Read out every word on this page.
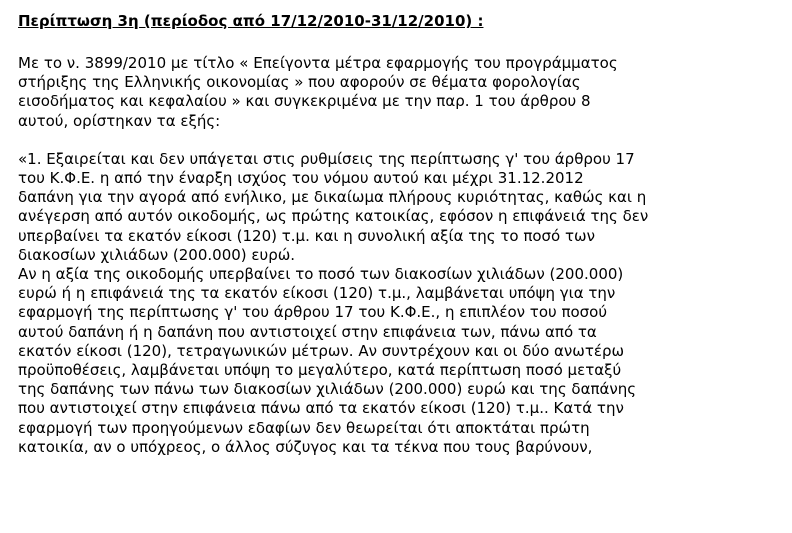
Περίπτωση 3η (περίοδος από 17/12/2010-31/12/2010) :
Με το ν. 3899/2010 με τίτλο « Επείγοντα μέτρα εφαρμογής του προγράμματος
στήριξης της Ελληνικής οικονομίας » που αφορούν σε θέματα φορολογίας
εισοδήματος και κεφαλαίου » και συγκεκριμένα με την παρ. 1 του άρθρου 8
αυτού, ορίστηκαν τα εξής:
«1. Εξαιρείται και δεν υπάγεται στις ρυθμίσεις της περίπτωσης γ' του άρθρου 17
του Κ.Φ.Ε. η από την έναρξη ισχύος του νόμου αυτού και μέχρι 31.12.2012
δαπάνη για την αγορά από ενήλικο, με δικαίωμα πλήρους κυριότητας, καθώς και η
ανέγερση από αυτόν οικοδομής, ως πρώτης κατοικίας, εφόσον η επιφάνειά της δεν
υπερβαίνει τα εκατόν είκοσι (120) τ.μ. και η συνολική αξία της το ποσό των
διακοσίων χιλιάδων (200.000) ευρώ.
Αν η αξία της οικοδομής υπερβαίνει το ποσό των διακοσίων χιλιάδων (200.000)
ευρώ ή η επιφάνειά της τα εκατόν είκοσι (120) τ.μ., λαμβάνεται υπόψη για την
εφαρμογή της περίπτωσης γ' του άρθρου 17 του Κ.Φ.Ε., η επιπλέον του ποσού
αυτού δαπάνη ή η δαπάνη που αντιστοιχεί στην επιφάνεια των, πάνω από τα
εκατόν είκοσι (120), τετραγωνικών μέτρων. Αν συντρέχουν και οι δύο ανωτέρω
προϋποθέσεις, λαμβάνεται υπόψη το μεγαλύτερο, κατά περίπτωση ποσό μεταξύ
της δαπάνης των πάνω των διακοσίων χιλιάδων (200.000) ευρώ και της δαπάνης
που αντιστοιχεί στην επιφάνεια πάνω από τα εκατόν είκοσι (120) τ.μ.. Κατά την
εφαρμογή των προηγούμενων εδαφίων δεν θεωρείται ότι αποκτάται πρώτη
κατοικία, αν ο υπόχρεος, ο άλλος σύζυγος και τα τέκνα που τους βαρύνουν,
